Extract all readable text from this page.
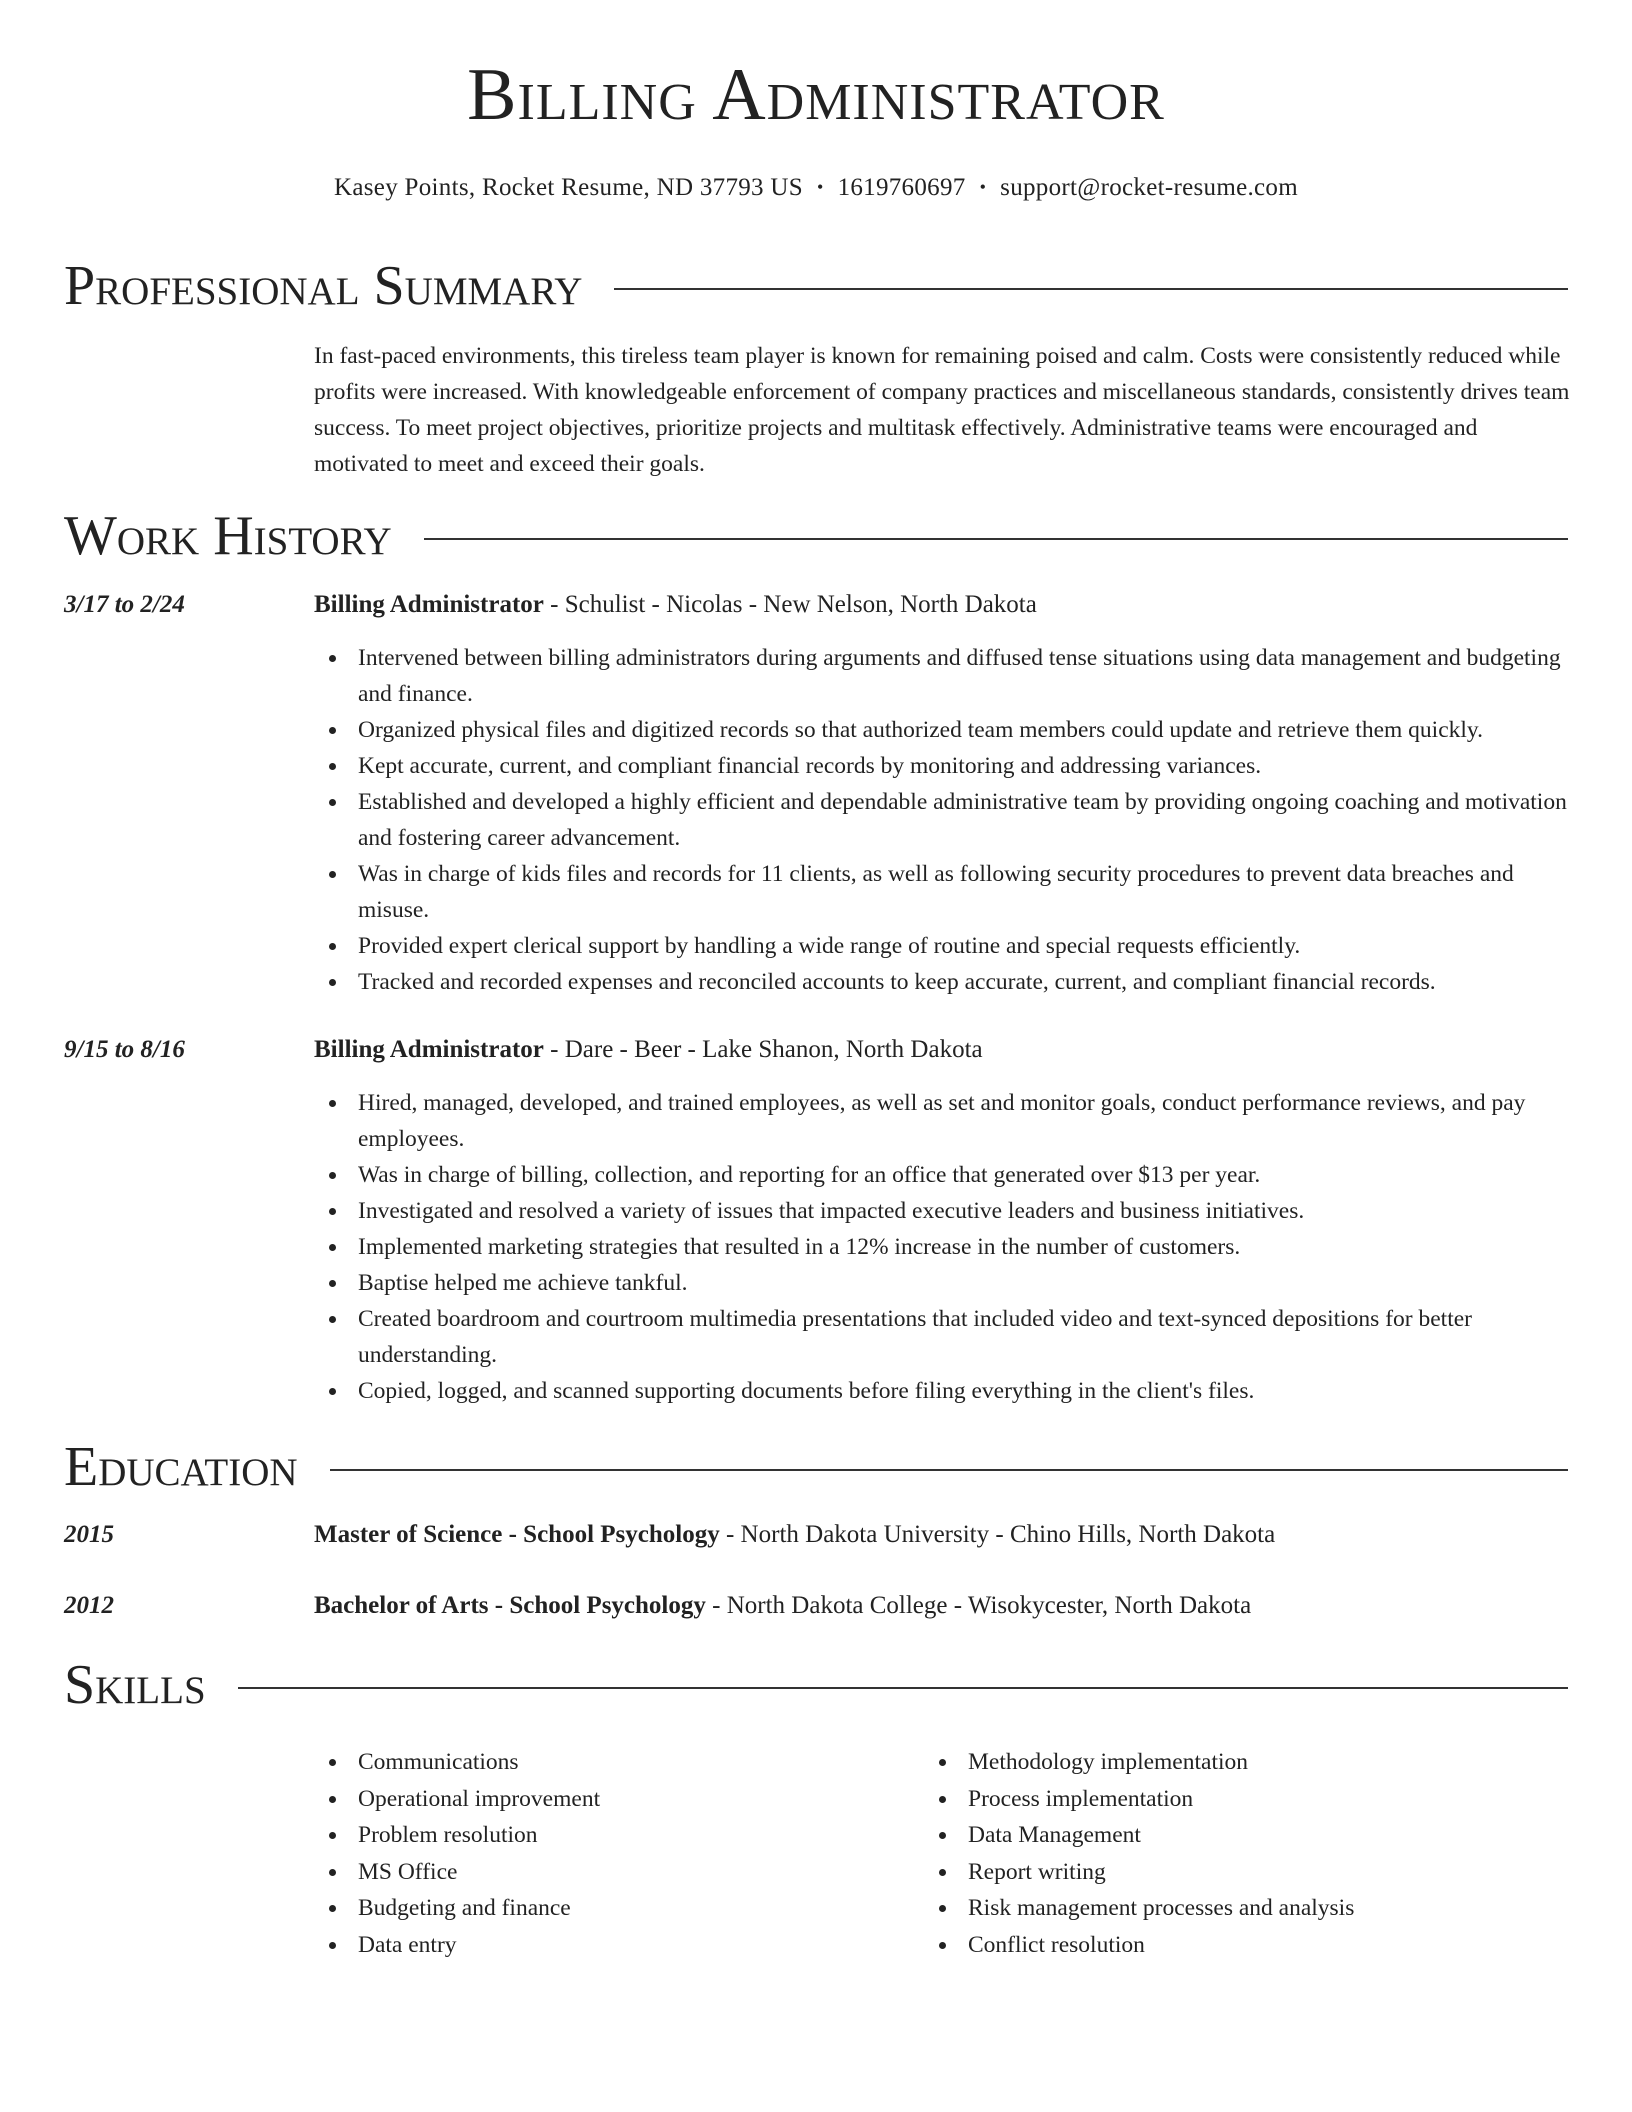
Billing Administrator
Kasey Points, Rocket Resume, ND 37793 US • 1619760697 • support@rocket-resume.com
Professional Summary
In fast-paced environments, this tireless team player is known for remaining poised and calm. Costs were consistently reduced while profits were increased. With knowledgeable enforcement of company practices and miscellaneous standards, consistently drives team success. To meet project objectives, prioritize projects and multitask effectively. Administrative teams were encouraged and motivated to meet and exceed their goals.
Work History
3/17 to 2/24	Billing Administrator - Schulist - Nicolas - New Nelson, North Dakota
Intervened between billing administrators during arguments and diffused tense situations using data management and budgeting and finance.
Organized physical files and digitized records so that authorized team members could update and retrieve them quickly.
Kept accurate, current, and compliant financial records by monitoring and addressing variances.
Established and developed a highly efficient and dependable administrative team by providing ongoing coaching and motivation and fostering career advancement.
Was in charge of kids files and records for 11 clients, as well as following security procedures to prevent data breaches and misuse.
Provided expert clerical support by handling a wide range of routine and special requests efficiently.
Tracked and recorded expenses and reconciled accounts to keep accurate, current, and compliant financial records.
9/15 to 8/16	Billing Administrator - Dare - Beer - Lake Shanon, North Dakota
Hired, managed, developed, and trained employees, as well as set and monitor goals, conduct performance reviews, and pay employees.
Was in charge of billing, collection, and reporting for an office that generated over $13 per year.
Investigated and resolved a variety of issues that impacted executive leaders and business initiatives.
Implemented marketing strategies that resulted in a 12% increase in the number of customers.
Baptise helped me achieve tankful.
Created boardroom and courtroom multimedia presentations that included video and text-synced depositions for better understanding.
Copied, logged, and scanned supporting documents before filing everything in the client's files.
Education
2015	Master of Science - School Psychology - North Dakota University - Chino Hills, North Dakota
2012	Bachelor of Arts - School Psychology - North Dakota College - Wisokycester, North Dakota
Skills
Communications
Operational improvement
Problem resolution
MS Office
Budgeting and finance
Data entry
Methodology implementation
Process implementation
Data Management
Report writing
Risk management processes and analysis
Conflict resolution
